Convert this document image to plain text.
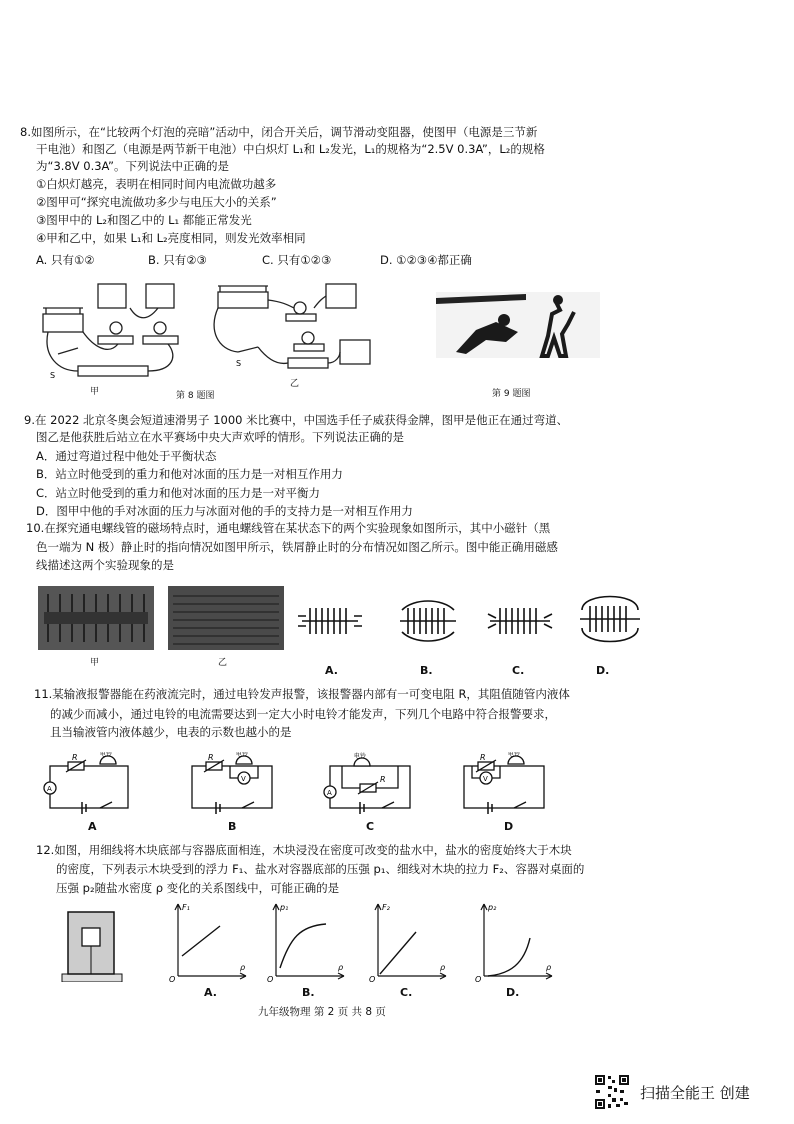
8.如图所示，在“比较两个灯泡的亮暗”活动中，闭合开关后，调节滑动变阻器，使图甲（电源是三节新
干电池）和图乙（电源是两节新干电池）中白炽灯 L₁和 L₂发光，L₁的规格为“2.5V 0.3A”，L₂的规格
为“3.8V 0.3A”。下列说法中正确的是
①白炽灯越亮，表明在相同时间内电流做功越多
②图甲可“探究电流做功多少与电压大小的关系”
③图甲中的 L₂和图乙中的 L₁ 都能正常发光
④甲和乙中，如果 L₁和 L₂亮度相同，则发光效率相同
A. 只有①②	B. 只有②③	C. 只有①②③	D. ①②③④都正确
S
甲
S
乙
第 8 题图	第 9 题图
9.在 2022 北京冬奥会短道速滑男子 1000 米比赛中，中国选手任子威获得金牌，图甲是他正在通过弯道、
图乙是他获胜后站立在水平赛场中央大声欢呼的情形。下列说法正确的是
A．通过弯道过程中他处于平衡状态
B．站立时他受到的重力和他对冰面的压力是一对相互作用力
C．站立时他受到的重力和他对冰面的压力是一对平衡力
D．图甲中他的手对冰面的压力与冰面对他的手的支持力是一对相互作用力
10.在探究通电螺线管的磁场特点时，通电螺线管在某状态下的两个实验现象如图所示，其中小磁针（黑
色一端为 N 极）静止时的指向情况如图甲所示，铁屑静止时的分布情况如图乙所示。图中能正确用磁感
线描述这两个实验现象的是
甲	乙
A.	B.	C.	D.
11.某输液报警器能在药液流完时，通过电铃发声报警，该报警器内部有一可变电阻 R，其阻值随管内液体
的减少而减小，通过电铃的电流需要达到一定大小时电铃才能发声，下列几个电路中符合报警要求，
且当输液管内液体越少，电表的示数也越小的是
R	电铃
A
A
R	电铃
V
B
电铃
R
A
C
R	电铃
V
D
12.如图，用细线将木块底部与容器底面相连，木块浸没在密度可改变的盐水中，盐水的密度始终大于木块
的密度，下列表示木块受到的浮力 F₁、盐水对容器底部的压强 p₁、细线对木块的拉力 F₂、容器对桌面的
压强 p₂随盐水密度 ρ 变化的关系图线中，可能正确的是
F₁
O
ρ
A.
p₁
O
ρ
B.
F₂
O
ρ
C.
p₂
O
ρ
D.
九年级物理 第 2 页 共 8 页
扫描全能王 创建
